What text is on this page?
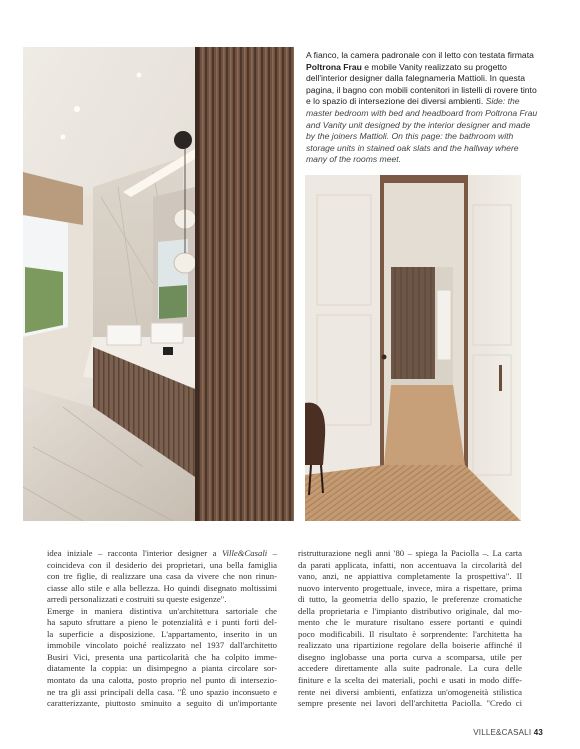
A fianco, la camera padronale con il letto con testata firmata Poltrona Frau e mobile Vanity realizzato su progetto dell'interior designer dalla falegnameria Mattioli. In questa pagina, il bagno con mobili contenitori in listelli di rovere tinto e lo spazio di intersezione dei diversi ambienti. Side: the master bedroom with bed and headboard from Poltrona Frau and Vanity unit designed by the interior designer and made by the joiners Mattioli. On this page: the bathroom with storage units in stained oak slats and the hallway where many of the rooms meet.
idea iniziale – racconta l'interior designer a Ville&Casali –
coincideva con il desiderio dei proprietari, una bella famiglia
con tre figlie, di realizzare una casa da vivere che non rinun-
ciasse allo stile e alla bellezza. Ho quindi disegnato moltissimi
arredi personalizzati e costruiti su queste esigenze".
Emerge in maniera distintiva un'architettura sartoriale che
ha saputo sfruttare a pieno le potenzialità e i punti forti del-
la superficie a disposizione. L'appartamento, inserito in un
immobile vincolato poiché realizzato nel 1937 dall'architetto
Busiri Vici, presenta una particolarità che ha colpito imme-
diatamente la coppia: un disimpegno a pianta circolare sor-
montato da una calotta, posto proprio nel punto di intersezio-
ne tra gli assi principali della casa. "È uno spazio inconsueto e
caratterizzante, piuttosto sminuito a seguito di un'importante
ristrutturazione negli anni '80 – spiega la Paciolla –. La carta
da parati applicata, infatti, non accentuava la circolarità del
vano, anzi, ne appiattiva completamente la prospettiva". Il
nuovo intervento progettuale, invece, mira a rispettare, prima
di tutto, la geometria dello spazio, le preferenze cromatiche
della proprietaria e l'impianto distributivo originale, dal mo-
mento che le murature risultano essere portanti e quindi
poco modificabili. Il risultato è sorprendente: l'architetta ha
realizzato una ripartizione regolare della boiserie affinché il
disegno inglobasse una porta curva a scomparsa, utile per
accedere direttamente alla suite padronale. La cura delle
finiture e la scelta dei materiali, pochi e usati in modo diffe-
rente nei diversi ambienti, enfatizza un'omogeneità stilistica
sempre presente nei lavori dell'architetta Paciolla. "Credo ci
VILLE&CASALI 43
